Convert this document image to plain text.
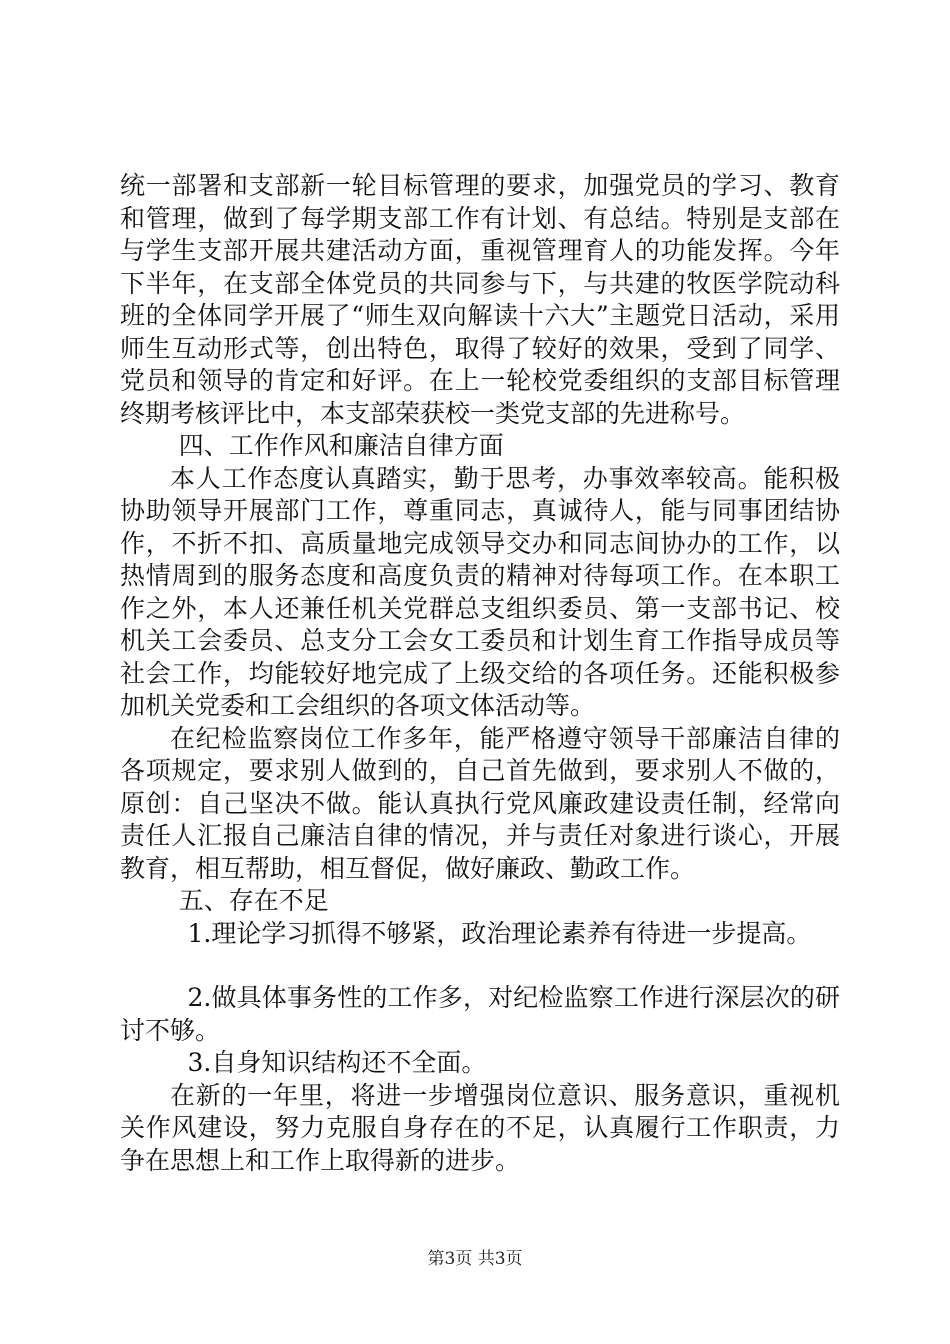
统一部署和支部新一轮目标管理的要求，加强党员的学习、教育和管理，做到了每学期支部工作有计划、有总结。特别是支部在与学生支部开展共建活动方面，重视管理育人的功能发挥。今年下半年，在支部全体党员的共同参与下，与共建的牧医学院动科班的全体同学开展了“师生双向解读十六大”主题党日活动，采用师生互动形式等，创出特色，取得了较好的效果，受到了同学、党员和领导的肯定和好评。在上一轮校党委组织的支部目标管理终期考核评比中，本支部荣获校一类党支部的先进称号。

四、工作作风和廉洁自律方面

本人工作态度认真踏实，勤于思考，办事效率较高。能积极协助领导开展部门工作，尊重同志，真诚待人，能与同事团结协作，不折不扣、高质量地完成领导交办和同志间协办的工作，以热情周到的服务态度和高度负责的精神对待每项工作。在本职工作之外，本人还兼任机关党群总支组织委员、第一支部书记、校机关工会委员、总支分工会女工委员和计划生育工作指导成员等社会工作，均能较好地完成了上级交给的各项任务。还能积极参加机关党委和工会组织的各项文体活动等。

在纪检监察岗位工作多年，能严格遵守领导干部廉洁自律的各项规定，要求别人做到的，自己首先做到，要求别人不做的，原创：自己坚决不做。能认真执行党风廉政建设责任制，经常向责任人汇报自己廉洁自律的情况，并与责任对象进行谈心，开展教育，相互帮助，相互督促，做好廉政、勤政工作。

五、存在不足

1.理论学习抓得不够紧，政治理论素养有待进一步提高。

2.做具体事务性的工作多，对纪检监察工作进行深层次的研讨不够。

3.自身知识结构还不全面。

在新的一年里，将进一步增强岗位意识、服务意识，重视机关作风建设，努力克服自身存在的不足，认真履行工作职责，力争在思想上和工作上取得新的进步。

第3页 共3页
